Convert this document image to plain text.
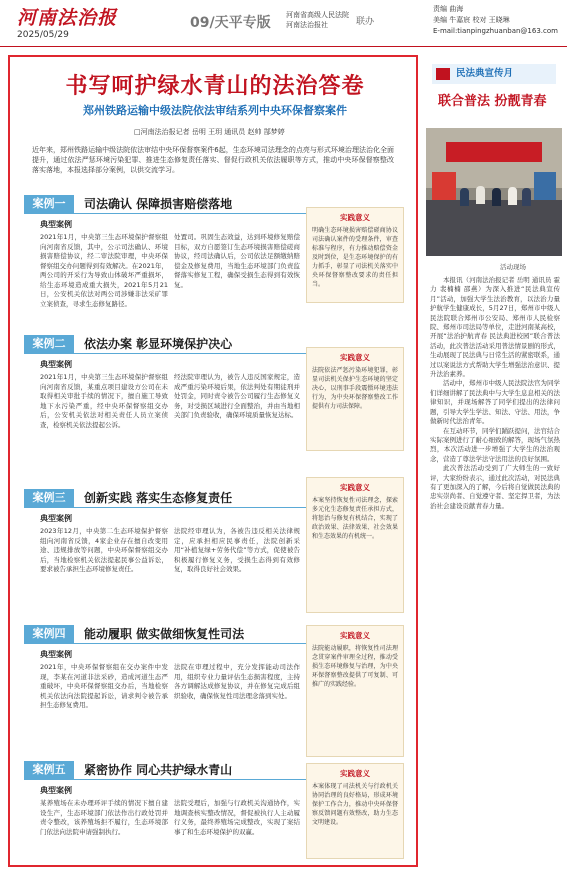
河南法治报
2025/05/29
09/天平专版 河南省高级人民法院
河南法治报社	联办
责编 曲海
美编 牛嘉宸 校对 王晓琳
E-mail:tianpingzhuanban@163.com
书写呵护绿水青山的法治答卷
郑州铁路运输中级法院依法审结系列中央环保督察案件
□河南法治报记者 岳明 王玥 通讯员 赵帅 郜梦婷
近年来，郑州铁路运输中级法院依法审结中央环保督察案件6起，生态环境司法理念的点亮与形式环境治理法治化全面提升，通过依法严惩环境污染犯罪、推进生态修复责任落实、督促行政机关依法履职等方式，推动中央环保督察整改落实落地，本报选择部分案例，以供交流学习。
案例一	司法确认 保障损害赔偿落地
典型案例
2021年1月，中央第三生态环境保护督察组向河南省反馈，其中，公示司法确认、环境损害赔偿协议，经二审法院审理，中央环保督察组交办问题得到有效解决。在2021年，两公司的开采行为导致山体破坏严重损坏，给生态环境造成重大损失，2021年5月21日，公安机关依法对两公司涉嫌非法采矿罪立案侦查，寻求生态修复路径。
处置司。巩固生态效益，达到环境修复赔偿目标，双方自愿签订生态环境损害赔偿磋商协议，经司法确认后，公司依法足额缴纳赔偿金及修复费用，当地生态环境部门负责监督落实修复工程，确保受损生态得到有效恢复。
实践意义
明确生态环境损害赔偿磋商协议司法确认案件的受理条件，审查标准与程序，有力推动赔偿资金及时到位，是生态环境保护的有力抓手，彰显了司法机关落实中央环保督察整改要求的责任担当。
案例二	依法办案 彰显环境保护决心
典型案例
2021年1月，中央第三生态环境保护督察组向河南省反馈，某重点项目建设方公司在未取得相关审批手续的情况下，擅自施工导致地下水污染严重，经中央环保督察组交办后，公安机关依法对相关责任人员立案侦查，检察机关依法提起公诉。
经法院审理认为，被告人违反国家规定，造成严重污染环境后果，依法判处有期徒刑并处罚金，同时责令被告公司履行生态修复义务，对受损区域进行全面整治，并由当地相关部门负责验收，确保环境质量恢复达标。
实践意义
法院依法严惩污染环境犯罪，彰显司法机关保护生态环境的坚定决心，以刑事手段震慑环境违法行为，为中央环保督察整改工作提供有力司法保障。
案例三	创新实践 落实生态修复责任
典型案例
2023年12月，中央第二生态环境保护督察组向河南省反馈，4家企业存在擅自改变用途、违规排放等问题，中央环保督察组交办后，当地检察机关依法提起民事公益诉讼，要求被告承担生态环境修复责任。
法院经审理认为，各被告违反相关法律规定，应承担相应民事责任，法院创新采用“补植复绿+劳务代偿”等方式，促使被告积极履行修复义务，受损生态得到有效修复，取得良好社会效果。
实践意义
本案坚持恢复性司法理念，探索多元化生态修复责任承担方式，将惩治与修复有机结合，实现了政治效果、法律效果、社会效果和生态效果的有机统一。
案例四	能动履职 做实做细恢复性司法
典型案例
2021年，中央环保督察组在交办案件中发现，李某在河道非法采砂，造成河道生态严重破坏，中央环保督察组交办后，当地检察机关依法向法院提起诉讼，请求判令被告承担生态修复费用。
法院在审理过程中，充分发挥能动司法作用，组织专业力量评估生态损害程度，主持各方调解达成修复协议，并在修复完成后组织验收，确保恢复性司法理念落到实处。
实践意义
法院能动履职，将恢复性司法理念贯穿案件审理全过程，推动受损生态环境修复与治理，为中央环保督察整改提供了可复制、可推广的实践经验。
案例五	紧密协作 同心共护绿水青山
典型案例
某养殖场在未办理环评手续的情况下擅自建设生产，生态环境部门依法作出行政处罚并责令整改，该养殖场拒不履行，生态环境部门依法向法院申请强制执行。
法院受理后，加强与行政机关沟通协作，实地调查核实整改情况，督促被执行人主动履行义务，最终养殖场完成整改，实现了案结事了和生态环境保护的双赢。
实践意义
本案体现了司法机关与行政机关协同治理的良好格局，形成环境保护工作合力，推动中央环保督察反馈问题有效整改，助力生态文明建设。
民法典宣传月
联合普法 扮靓青春
活动现场

本报讯（河南法治报记者 岳明 通讯员 霍力 裴楠楠 邵燕）为深入推进“民法典宣传月”活动，加强大学生法治教育，以法治力量护航学生健康成长，5月27日，郑州市中级人民法院联合郑州市公安局、郑州市人民检察院、郑州市司法局等单位，走进河南某高校，开展“法治护航青春 民法典进校园”联合普法活动，此次普法活动采用普法情景剧的形式，生动展现了民法典与日常生活的紧密联系，通过以案说法方式帮助大学生增强法治意识、提升法治素养。

活动中，郑州市中级人民法院法官为同学们详细讲解了民法典中与大学生息息相关的法律知识，并现场解答了同学们提出的法律问题，引导大学生学法、知法、守法、用法，争做新时代法治青年。

在互动环节，同学们踊跃提问，法官结合实际案例进行了耐心细致的解答，现场气氛热烈，本次活动进一步增强了大学生的法治观念，营造了尊法学法守法用法的良好氛围。

此次普法活动受到了广大师生的一致好评，大家纷纷表示，通过此次活动，对民法典有了更加深入的了解，今后将自觉做民法典的忠实崇尚者、自觉遵守者、坚定捍卫者，为法治社会建设贡献青春力量。
